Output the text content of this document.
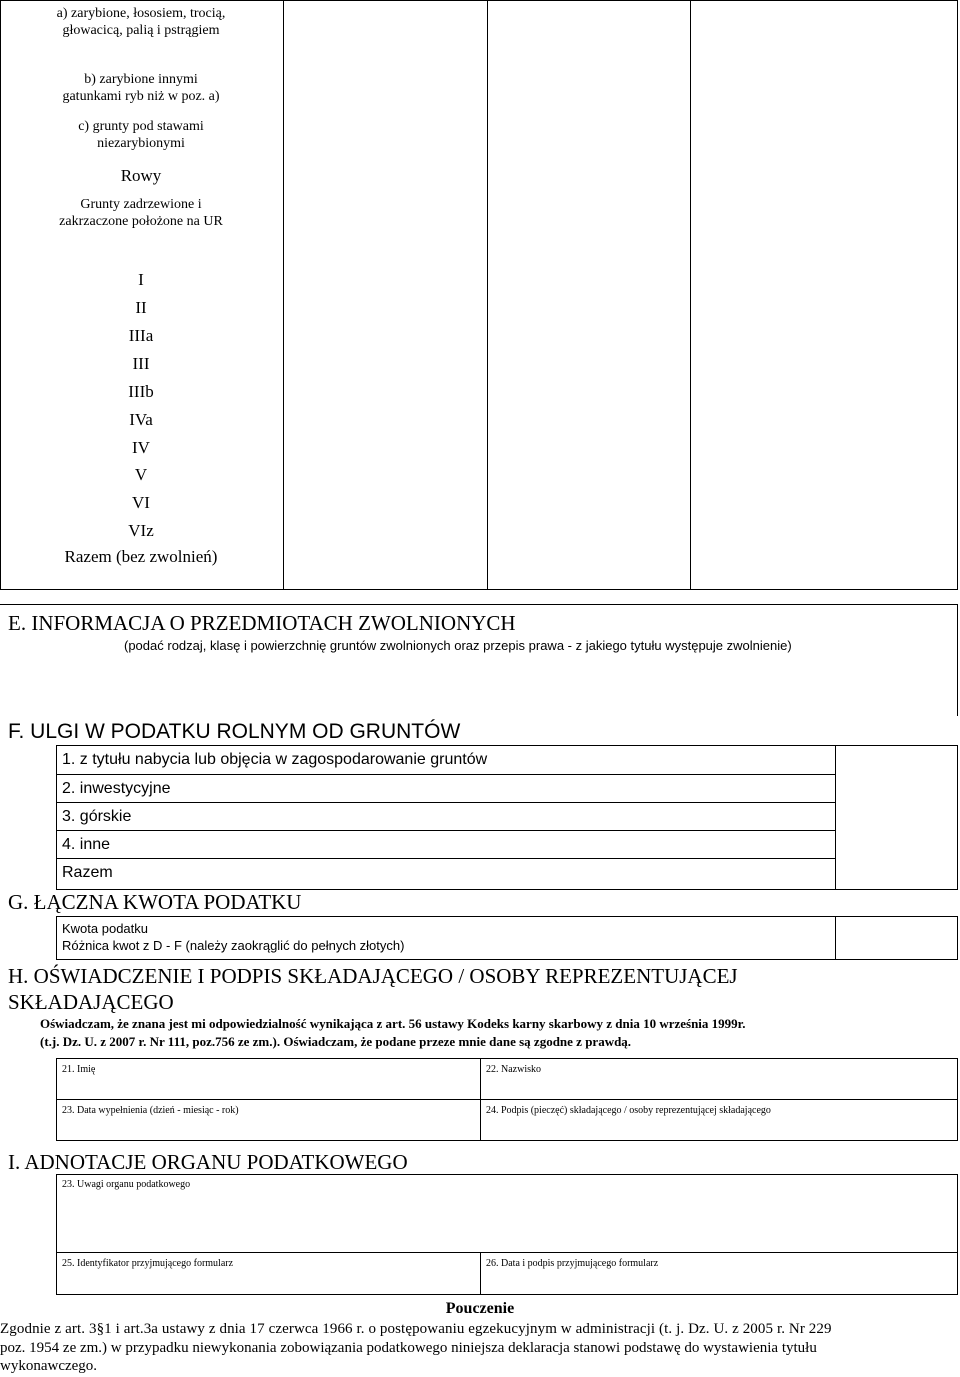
a) zarybione, łososiem, trocią, głowacicą, palią i pstrągiem
b) zarybione innymi gatunkami ryb niż w poz. a)
c) grunty pod stawami niezarybionymi
Rowy
Grunty zadrzewione i zakrzaczone położone na UR
I
II
IIIa
III
IIIb
IVa
IV
V
VI
VIz
Razem (bez zwolnień)
E. INFORMACJA O PRZEDMIOTACH ZWOLNIONYCH
(podać rodzaj, klasę i powierzchnię gruntów zwolnionych oraz przepis prawa - z jakiego tytułu występuje zwolnienie)
F. ULGI W PODATKU ROLNYM OD GRUNTÓW
1. z tytułu nabycia lub objęcia w zagospodarowanie gruntów
2. inwestycyjne
3. górskie
4. inne
Razem
G. ŁĄCZNA KWOTA PODATKU
Kwota podatku
Różnica kwot z D - F (należy zaokrąglić do pełnych złotych)
H. OŚWIADCZENIE I PODPIS SKŁADAJĄCEGO / OSOBY REPREZENTUJĄCEJ
SKŁADAJĄCEGO
Oświadczam, że znana jest mi odpowiedzialność wynikająca z art. 56 ustawy Kodeks karny skarbowy z dnia 10 września 1999r.
(t.j. Dz. U. z 2007 r. Nr 111, poz.756 ze zm.). Oświadczam, że podane przeze mnie dane są zgodne z prawdą.
21. Imię	22. Nazwisko
23. Data wypełnienia (dzień - miesiąc - rok)	24. Podpis (pieczęć) składającego / osoby reprezentującej składającego
I. ADNOTACJE ORGANU PODATKOWEGO
23. Uwagi organu podatkowego
25. Identyfikator przyjmującego formularz	26. Data i podpis przyjmującego formularz
Pouczenie
Zgodnie z art. 3§1 i art.3a ustawy z dnia 17 czerwca 1966 r. o postępowaniu egzekucyjnym w administracji (t. j. Dz. U. z 2005 r. Nr 229
poz. 1954 ze zm.) w przypadku niewykonania zobowiązania podatkowego niniejsza deklaracja stanowi podstawę do wystawienia tytułu
wykonawczego.
